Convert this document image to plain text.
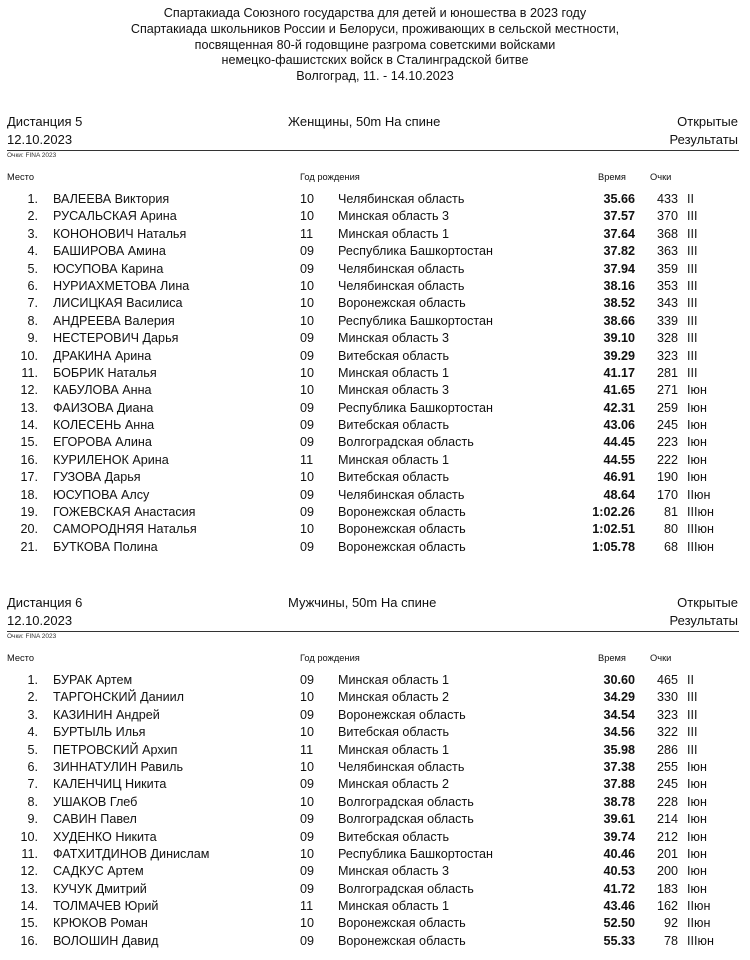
Спартакиада Союзного государства для детей и юношества в 2023 году
Спартакиада школьников России и Белоруси, проживающих в сельской местности,
посвященная 80-й годовщине разгрома советскими войсками
немецко-фашистских войск в Сталинградской битве
Волгоград, 11. - 14.10.2023
Дистанция 5
12.10.2023
Женщины, 50m На спине	Открытые
Результаты
Очки: FINA 2023
Место	Год рождения	Время	Очки
1. ВАЛЕЕВА Виктория	10 Челябинская область	35.66 433 II
2. РУСАЛЬСКАЯ Арина	10 Минская область 3	37.57 370 III
3. КОНОНОВИЧ Наталья	11 Минская область 1	37.64 368 III
4. БАШИРОВА Амина	09 Республика Башкортостан	37.82 363 III
5. ЮСУПОВА Карина	09 Челябинская область	37.94 359 III
6. НУРИАХМЕТОВА Лина	10 Челябинская область	38.16 353 III
7. ЛИСИЦКАЯ Василиса	10 Воронежская область	38.52 343 III
8. АНДРЕЕВА Валерия	10 Республика Башкортостан	38.66 339 III
9. НЕСТЕРОВИЧ Дарья	09 Минская область 3	39.10 328 III
10. ДРАКИНА Арина	09 Витебская область	39.29 323 III
11. БОБРИК Наталья	10 Минская область 1	41.17 281 III
12. КАБУЛОВА Анна	10 Минская область 3	41.65 271 Iюн
13. ФАИЗОВА Диана	09 Республика Башкортостан	42.31 259 Iюн
14. КОЛЕСЕНЬ Анна	09 Витебская область	43.06 245 Iюн
15. ЕГОРОВА Алина	09 Волгоградская область	44.45 223 Iюн
16. КУРИЛЕНОК Арина	11 Минская область 1	44.55 222 Iюн
17. ГУЗОВА Дарья	10 Витебская область	46.91 190 Iюн
18. ЮСУПОВА Алсу	09 Челябинская область	48.64 170 IIюн
19. ГОЖЕВСКАЯ Анастасия	09 Воронежская область	1:02.26 81 IIIюн
20. САМОРОДНЯЯ Наталья	10 Воронежская область	1:02.51 80 IIIюн
21. БУТКОВА Полина	09 Воронежская область	1:05.78 68 IIIюн
Дистанция 6
12.10.2023
Мужчины, 50m На спине	Открытые
Результаты
Очки: FINA 2023
Место	Год рождения	Время	Очки
1. БУРАК Артем	09 Минская область 1	30.60 465 II
2. ТАРГОНСКИЙ Даниил	10 Минская область 2	34.29 330 III
3. КАЗИНИН Андрей	09 Воронежская область	34.54 323 III
4. БУРТЫЛЬ Илья	10 Витебская область	34.56 322 III
5. ПЕТРОВСКИЙ Архип	11 Минская область 1	35.98 286 III
6. ЗИННАТУЛИН Равиль	10 Челябинская область	37.38 255 Iюн
7. КАЛЕНЧИЦ Никита	09 Минская область 2	37.88 245 Iюн
8. УШАКОВ Глеб	10 Волгоградская область	38.78 228 Iюн
9. САВИН Павел	09 Волгоградская область	39.61 214 Iюн
10. ХУДЕНКО Никита	09 Витебская область	39.74 212 Iюн
11. ФАТХИТДИНОВ Динислам	10 Республика Башкортостан	40.46 201 Iюн
12. САДКУС Артем	09 Минская область 3	40.53 200 Iюн
13. КУЧУК Дмитрий	09 Волгоградская область	41.72 183 Iюн
14. ТОЛМАЧЕВ Юрий	11 Минская область 1	43.46 162 IIюн
15. КРЮКОВ Роман	10 Воронежская область	52.50 92 IIюн
16. ВОЛОШИН Давид	09 Воронежская область	55.33 78 IIIюн
